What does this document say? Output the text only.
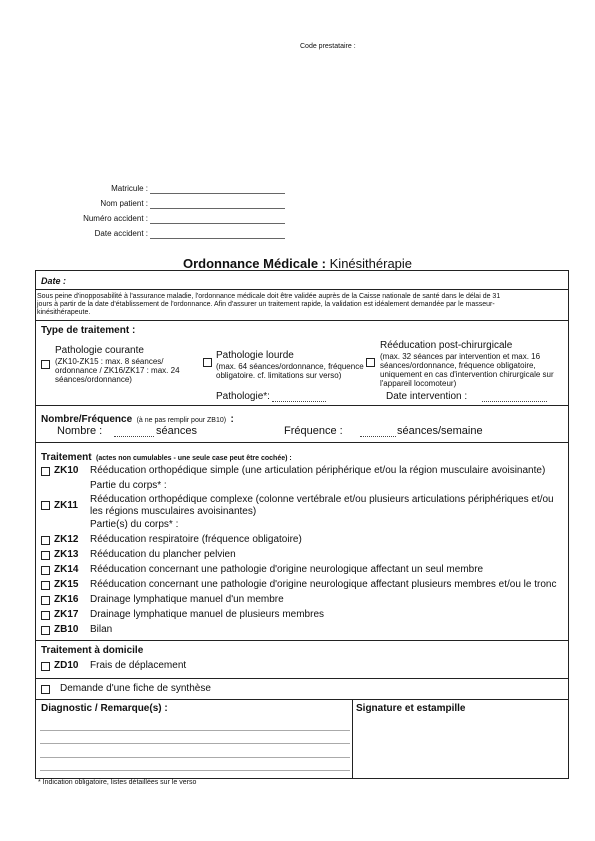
Code prestataire :
Matricule :
Nom patient :
Numéro accident :
Date accident :
Ordonnance Médicale : Kinésithérapie
Date :
Sous peine d'inopposabilité à l'assurance maladie, l'ordonnance médicale doit être validée auprès de la Caisse nationale de santé dans le délai de 31
jours à partir de la date d'établissement de l'ordonnance. Afin d'assurer un traitement rapide, la validation est idéalement demandée par le masseur-
kinésithérapeute.
Type de traitement :
Pathologie courante
(ZK10-ZK15 : max. 8 séances/
ordonnance / ZK16/ZK17 : max. 24
séances/ordonnance)
Pathologie lourde
(max. 64 séances/ordonnance, fréquence
obligatoire. cf. limitations sur verso)
Rééducation post-chirurgicale
(max. 32 séances par intervention et max. 16
séances/ordonnance, fréquence obligatoire,
uniquement en cas d'intervention chirurgicale sur
l'appareil locomoteur)
Pathologie*:	Date intervention :
Nombre/Fréquence (à ne pas remplir pour ZB10) :
Nombre :	séances	Fréquence :	séances/semaine
Traitement (actes non cumulables - une seule case peut être cochée) :
ZK10 Rééducation orthopédique simple (une articulation périphérique et/ou la région musculaire avoisinante)
Partie du corps* :
ZK11
Rééducation orthopédique complexe (colonne vertébrale et/ou plusieurs articulations périphériques et/ou
les régions musculaires avoisinantes)
Partie(s) du corps* :
ZK12 Rééducation respiratoire (fréquence obligatoire)
ZK13 Rééducation du plancher pelvien
ZK14 Rééducation concernant une pathologie d'origine neurologique affectant un seul membre
ZK15 Rééducation concernant une pathologie d'origine neurologique affectant plusieurs membres et/ou le tronc
ZK16 Drainage lymphatique manuel d'un membre
ZK17 Drainage lymphatique manuel de plusieurs membres
ZB10 Bilan
Traitement à domicile
ZD10 Frais de déplacement
Demande d'une fiche de synthèse
Diagnostic / Remarque(s) :	Signature et estampille
* Indication obligatoire, listes détaillées sur le verso
